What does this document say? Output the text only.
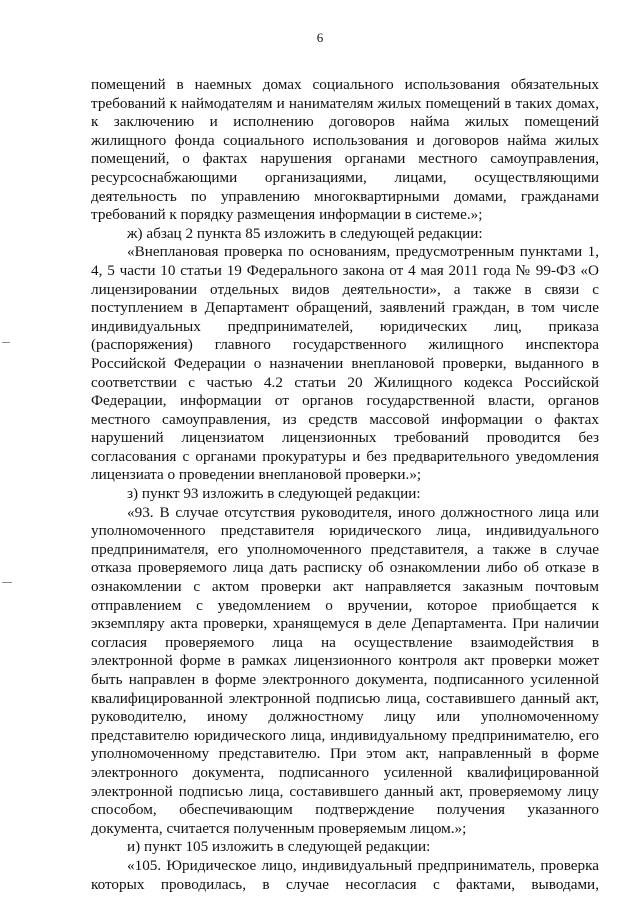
6
помещений в наемных домах социального использования обязательных
требований к наймодателям и нанимателям жилых помещений в таких домах,
к заключению и исполнению договоров найма жилых помещений
жилищного фонда социального использования и договоров найма жилых
помещений, о фактах нарушения органами местного самоуправления,
ресурсоснабжающими организациями, лицами, осуществляющими
деятельность по управлению многоквартирными домами, гражданами
требований к порядку размещения информации в системе.»;
ж) абзац 2 пункта 85 изложить в следующей редакции:
«Внеплановая проверка по основаниям, предусмотренным пунктами 1,
4, 5 части 10 статьи 19 Федерального закона от 4 мая 2011 года № 99-ФЗ «О
лицензировании отдельных видов деятельности», а также в связи с
поступлением в Департамент обращений, заявлений граждан, в том числе
индивидуальных предпринимателей, юридических лиц, приказа
(распоряжения) главного государственного жилищного инспектора
Российской Федерации о назначении внеплановой проверки, выданного в
соответствии с частью 4.2 статьи 20 Жилищного кодекса Российской
Федерации, информации от органов государственной власти, органов
местного самоуправления, из средств массовой информации о фактах
нарушений лицензиатом лицензионных требований проводится без
согласования с органами прокуратуры и без предварительного уведомления
лицензиата о проведении внеплановой проверки.»;
з) пункт 93 изложить в следующей редакции:
«93. В случае отсутствия руководителя, иного должностного лица или
уполномоченного представителя юридического лица, индивидуального
предпринимателя, его уполномоченного представителя, а также в случае
отказа проверяемого лица дать расписку об ознакомлении либо об отказе в
ознакомлении с актом проверки акт направляется заказным почтовым
отправлением с уведомлением о вручении, которое приобщается к
экземпляру акта проверки, хранящемуся в деле Департамента. При наличии
согласия проверяемого лица на осуществление взаимодействия в
электронной форме в рамках лицензионного контроля акт проверки может
быть направлен в форме электронного документа, подписанного усиленной
квалифицированной электронной подписью лица, составившего данный акт,
руководителю, иному должностному лицу или уполномоченному
представителю юридического лица, индивидуальному предпринимателю, его
уполномоченному представителю. При этом акт, направленный в форме
электронного документа, подписанного усиленной квалифицированной
электронной подписью лица, составившего данный акт, проверяемому лицу
способом, обеспечивающим подтверждение получения указанного
документа, считается полученным проверяемым лицом.»;
и) пункт 105 изложить в следующей редакции:
«105. Юридическое лицо, индивидуальный предприниматель, проверка
которых проводилась, в случае несогласия с фактами, выводами,
